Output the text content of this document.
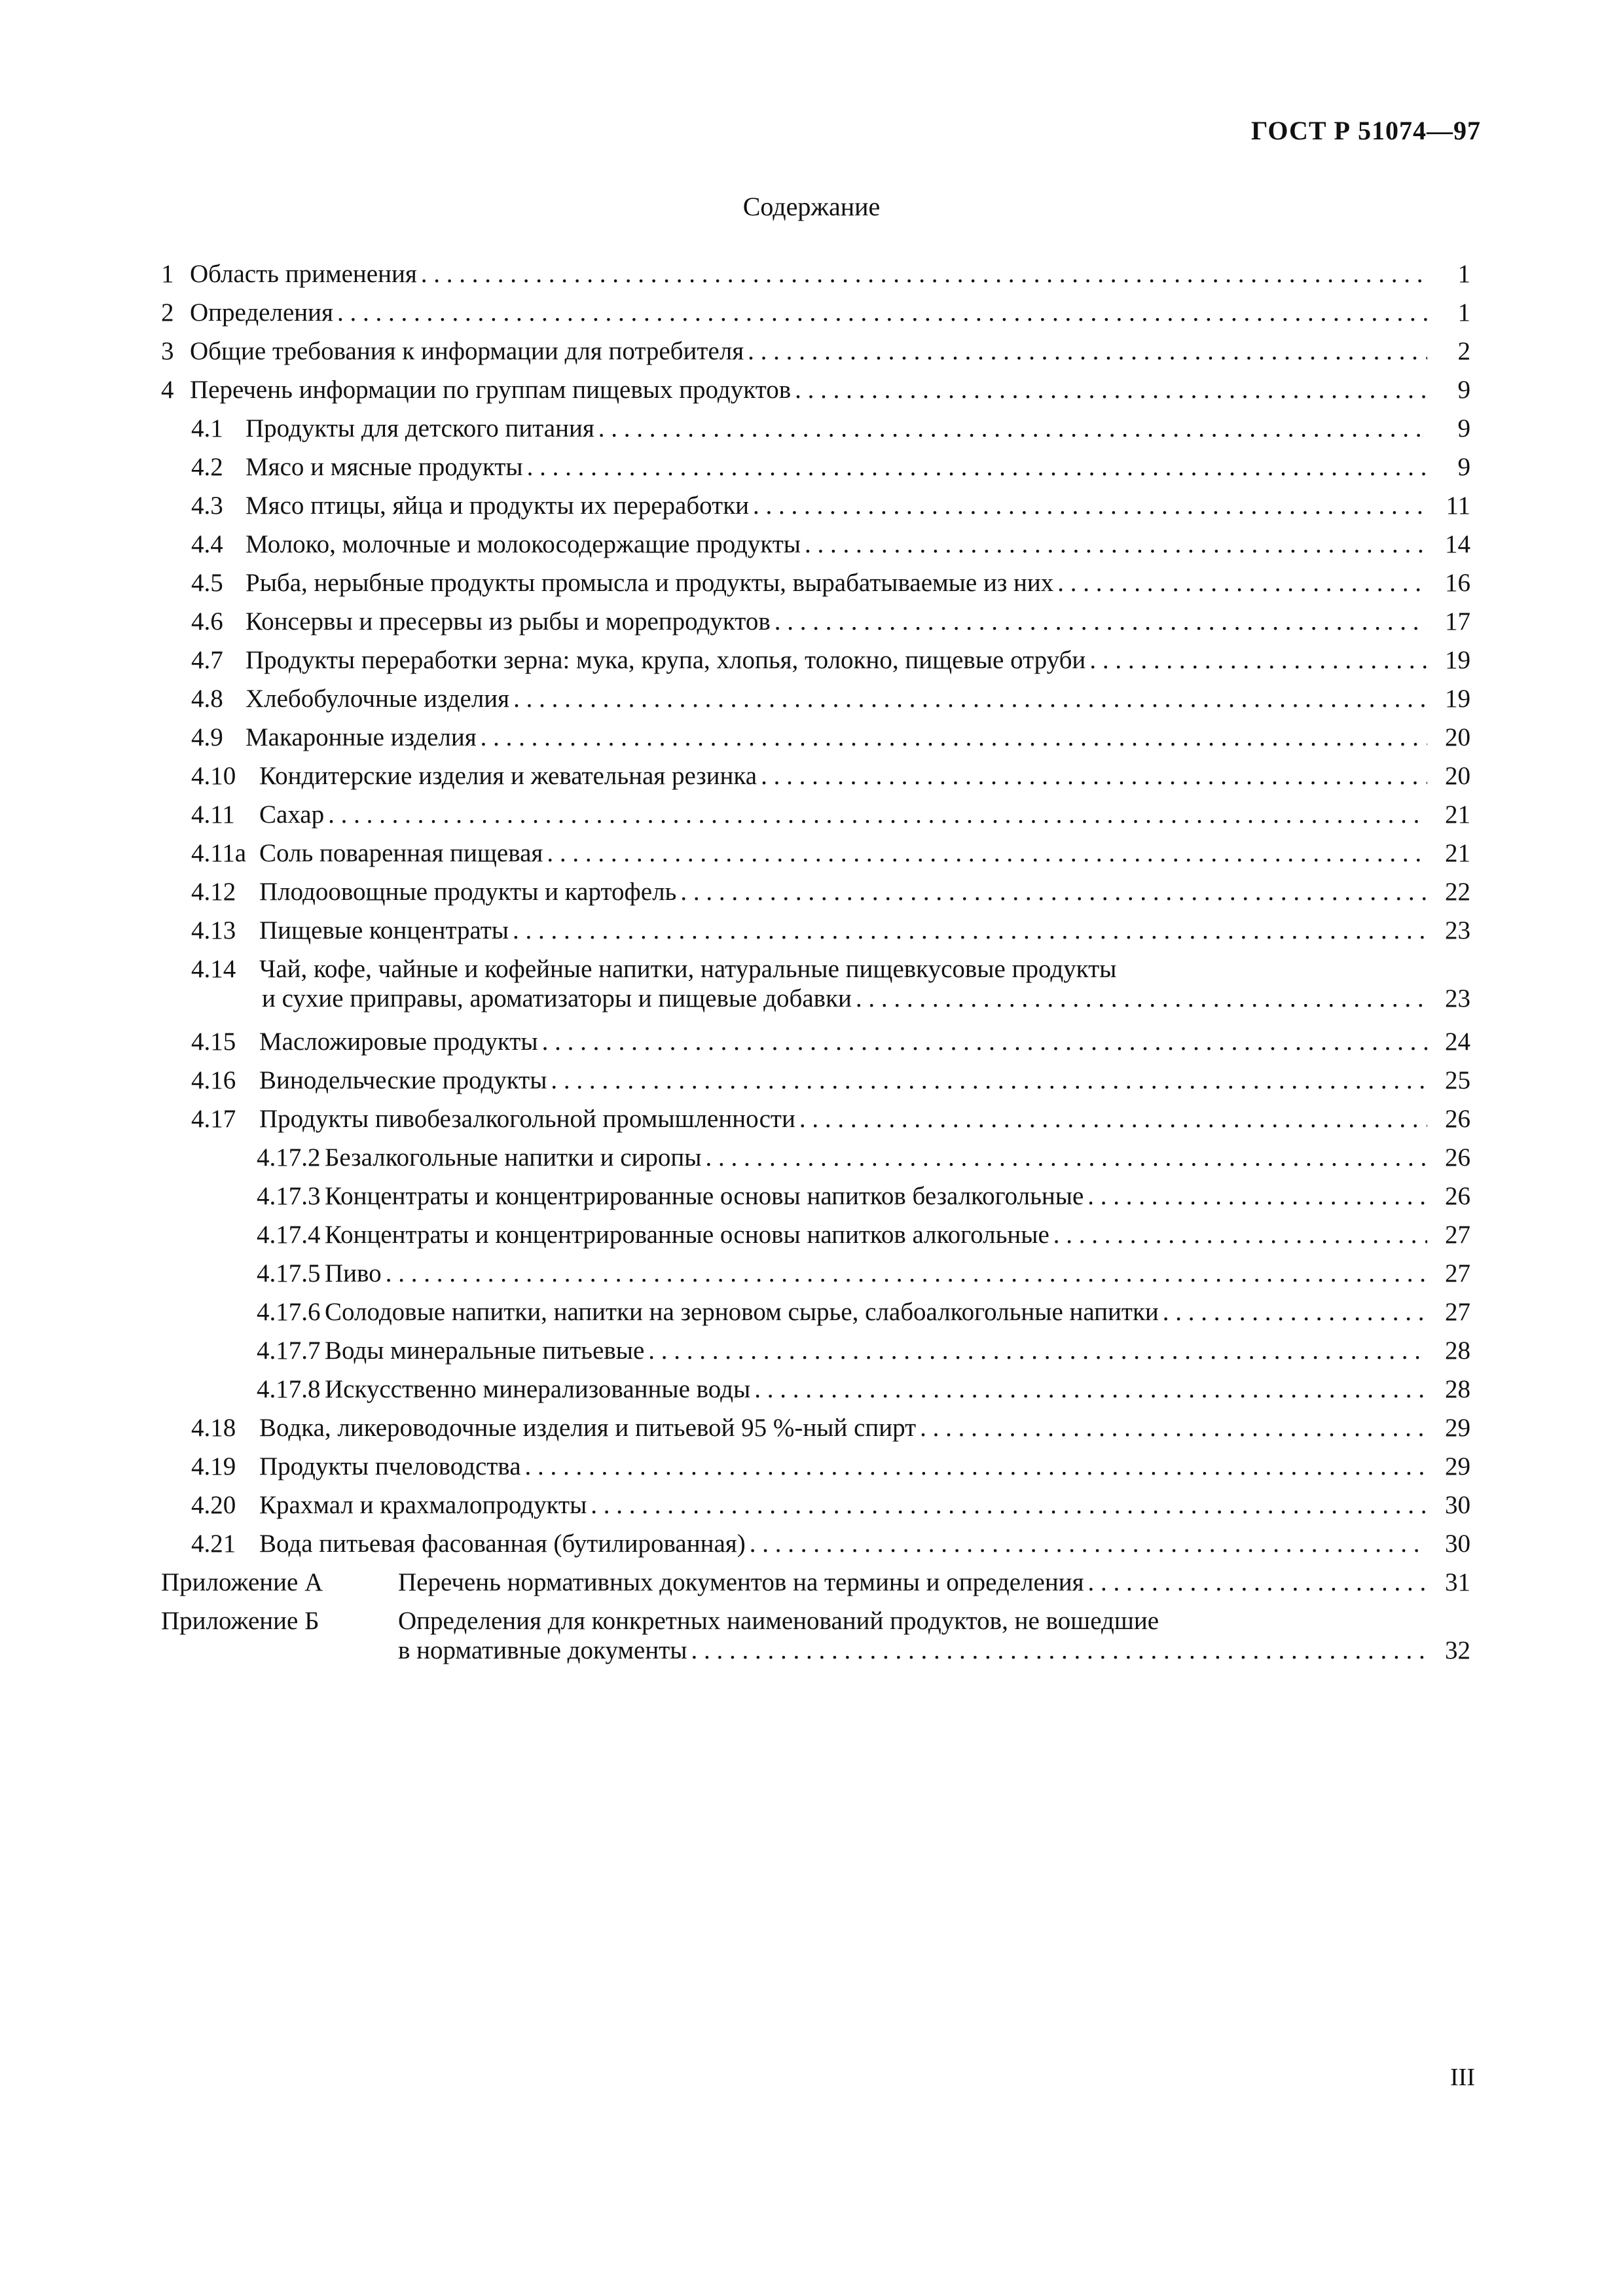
ГОСТ Р 51074—97
Содержание
1 Область применения . . .	1
2 Определения . . .	1
3 Общие требования к информации для потребителя . . .	2
4 Перечень информации по группам пищевых продуктов . . .	9
4.1 Продукты для детского питания . . .	9
4.2 Мясо и мясные продукты . . .	9
4.3 Мясо птицы, яйца и продукты их переработки . . .	11
4.4 Молоко, молочные и молокосодержащие продукты . . .	14
4.5 Рыба, нерыбные продукты промысла и продукты, вырабатываемые из них . . .	16
4.6 Консервы и пресервы из рыбы и морепродуктов . . .	17
4.7 Продукты переработки зерна: мука, крупа, хлопья, толокно, пищевые отруби . . .	19
4.8 Хлебобулочные изделия . . .	19
4.9 Макаронные изделия . . .	20
4.10 Кондитерские изделия и жевательная резинка . . .	20
4.11 Сахар . . .	21
4.11а Соль поваренная пищевая . . .	21
4.12 Плодоовощные продукты и картофель . . .	22
4.13 Пищевые концентраты . . .	23
4.14 Чай, кофе, чайные и кофейные напитки, натуральные пищевкусовые продукты
и сухие приправы, ароматизаторы и пищевые добавки . . .	23
4.15 Масложировые продукты . . .	24
4.16 Винодельческие продукты . . .	25
4.17 Продукты пивобезалкогольной промышленности . . .	26
4.17.2 Безалкогольные напитки и сиропы . . .	26
4.17.3 Концентраты и концентрированные основы напитков безалкогольные . . .	26
4.17.4 Концентраты и концентрированные основы напитков алкогольные . . .	27
4.17.5 Пиво . . .	27
4.17.6 Солодовые напитки, напитки на зерновом сырье, слабоалкогольные напитки . . .	27
4.17.7 Воды минеральные питьевые . . .	28
4.17.8 Искусственно минерализованные воды . . .	28
4.18 Водка, ликероводочные изделия и питьевой 95 %-ный спирт . . .	29
4.19 Продукты пчеловодства . . .	29
4.20 Крахмал и крахмалопродукты . . .	30
4.21 Вода питьевая фасованная (бутилированная) . . .	30
Приложение А	Перечень нормативных документов на термины и определения . . .	31
Приложение Б	Определения для конкретных наименований продуктов, не вошедшие
в нормативные документы . . .	32
III
